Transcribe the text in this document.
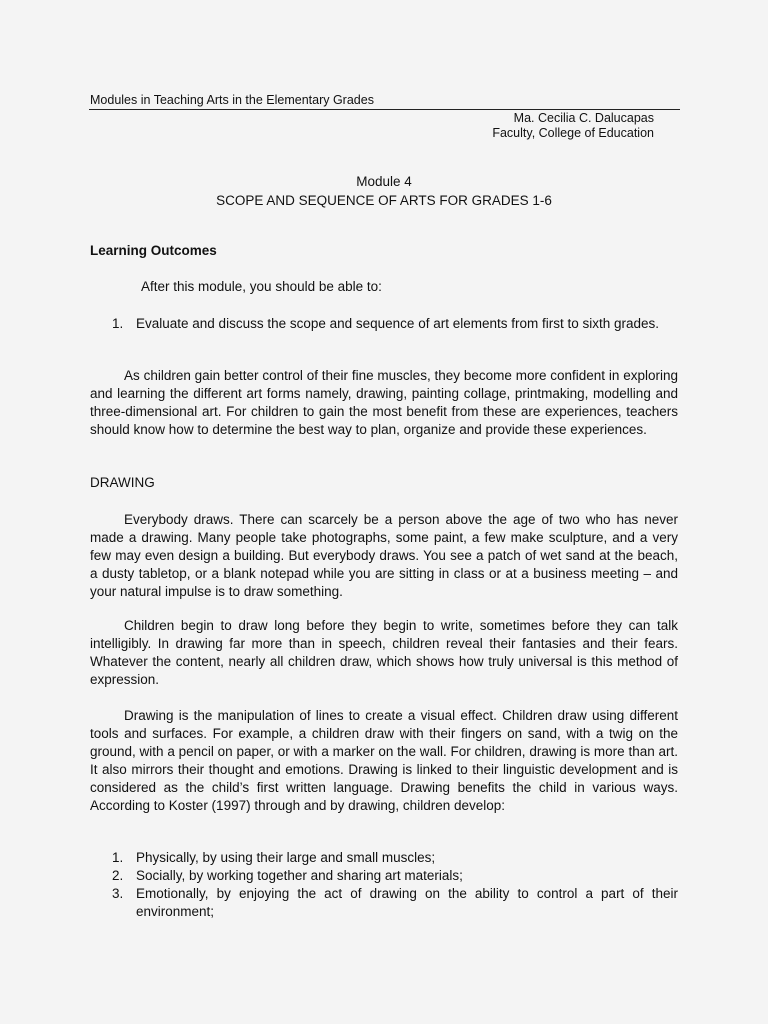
Modules in Teaching Arts in the Elementary Grades
Ma. Cecilia C. Dalucapas
Faculty, College of Education
Module 4
SCOPE AND SEQUENCE OF ARTS FOR GRADES 1-6
Learning Outcomes
After this module, you should be able to:
1. Evaluate and discuss the scope and sequence of art elements from first to sixth grades.
As children gain better control of their fine muscles, they become more confident in exploring and learning the different art forms namely, drawing, painting collage, printmaking, modelling and three-dimensional art. For children to gain the most benefit from these are experiences, teachers should know how to determine the best way to plan, organize and provide these experiences.
DRAWING
Everybody draws. There can scarcely be a person above the age of two who has never made a drawing. Many people take photographs, some paint, a few make sculpture, and a very few may even design a building. But everybody draws. You see a patch of wet sand at the beach, a dusty tabletop, or a blank notepad while you are sitting in class or at a business meeting – and your natural impulse is to draw something.
Children begin to draw long before they begin to write, sometimes before they can talk intelligibly. In drawing far more than in speech, children reveal their fantasies and their fears. Whatever the content, nearly all children draw, which shows how truly universal is this method of expression.
Drawing is the manipulation of lines to create a visual effect. Children draw using different tools and surfaces. For example, a children draw with their fingers on sand, with a twig on the ground, with a pencil on paper, or with a marker on the wall. For children, drawing is more than art. It also mirrors their thought and emotions. Drawing is linked to their linguistic development and is considered as the child’s first written language. Drawing benefits the child in various ways. According to Koster (1997) through and by drawing, children develop:
1. Physically, by using their large and small muscles;
2. Socially, by working together and sharing art materials;
3. Emotionally, by enjoying the act of drawing on the ability to control a part of their environment;
